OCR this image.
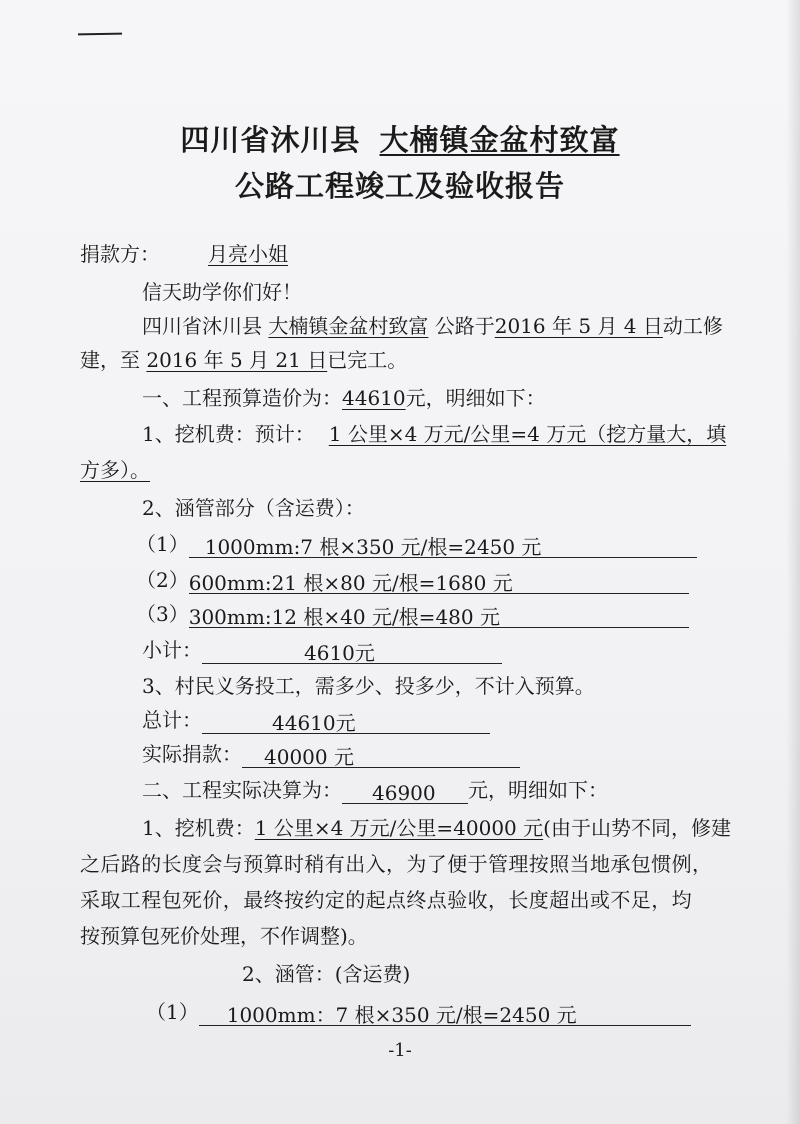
四川省沐川县 大楠镇金盆村致富
公路工程竣工及验收报告
捐款方： 月亮小姐
信天助学你们好！
四川省沐川县 大楠镇金盆村致富 公路于2016 年 5 月 4 日动工修
建，至 2016 年 5 月 21 日已完工。
一、工程预算造价为：44610元，明细如下：
1、挖机费：预计： 1 公里×4 万元/公里=4 万元（挖方量大，填
方多）。
2、涵管部分（含运费）：
（1） 1000mm:7 根×350 元/根=2450 元
（2）600mm:21 根×80 元/根=1680 元
（3）300mm:12 根×40 元/根=480 元
小计：	4610元
3、村民义务投工，需多少、投多少，不计入预算。
总计：	44610元
实际捐款： 40000 元
二、工程实际决算为： 46900 元，明细如下：
1、挖机费：1 公里×4 万元/公里=40000 元(由于山势不同，修建
之后路的长度会与预算时稍有出入，为了便于管理按照当地承包惯例，
采取工程包死价，最终按约定的起点终点验收，长度超出或不足，均
按预算包死价处理，不作调整)。
2、涵管：(含运费)
（1） 1000mm：7 根×350 元/根=2450 元
-1-
